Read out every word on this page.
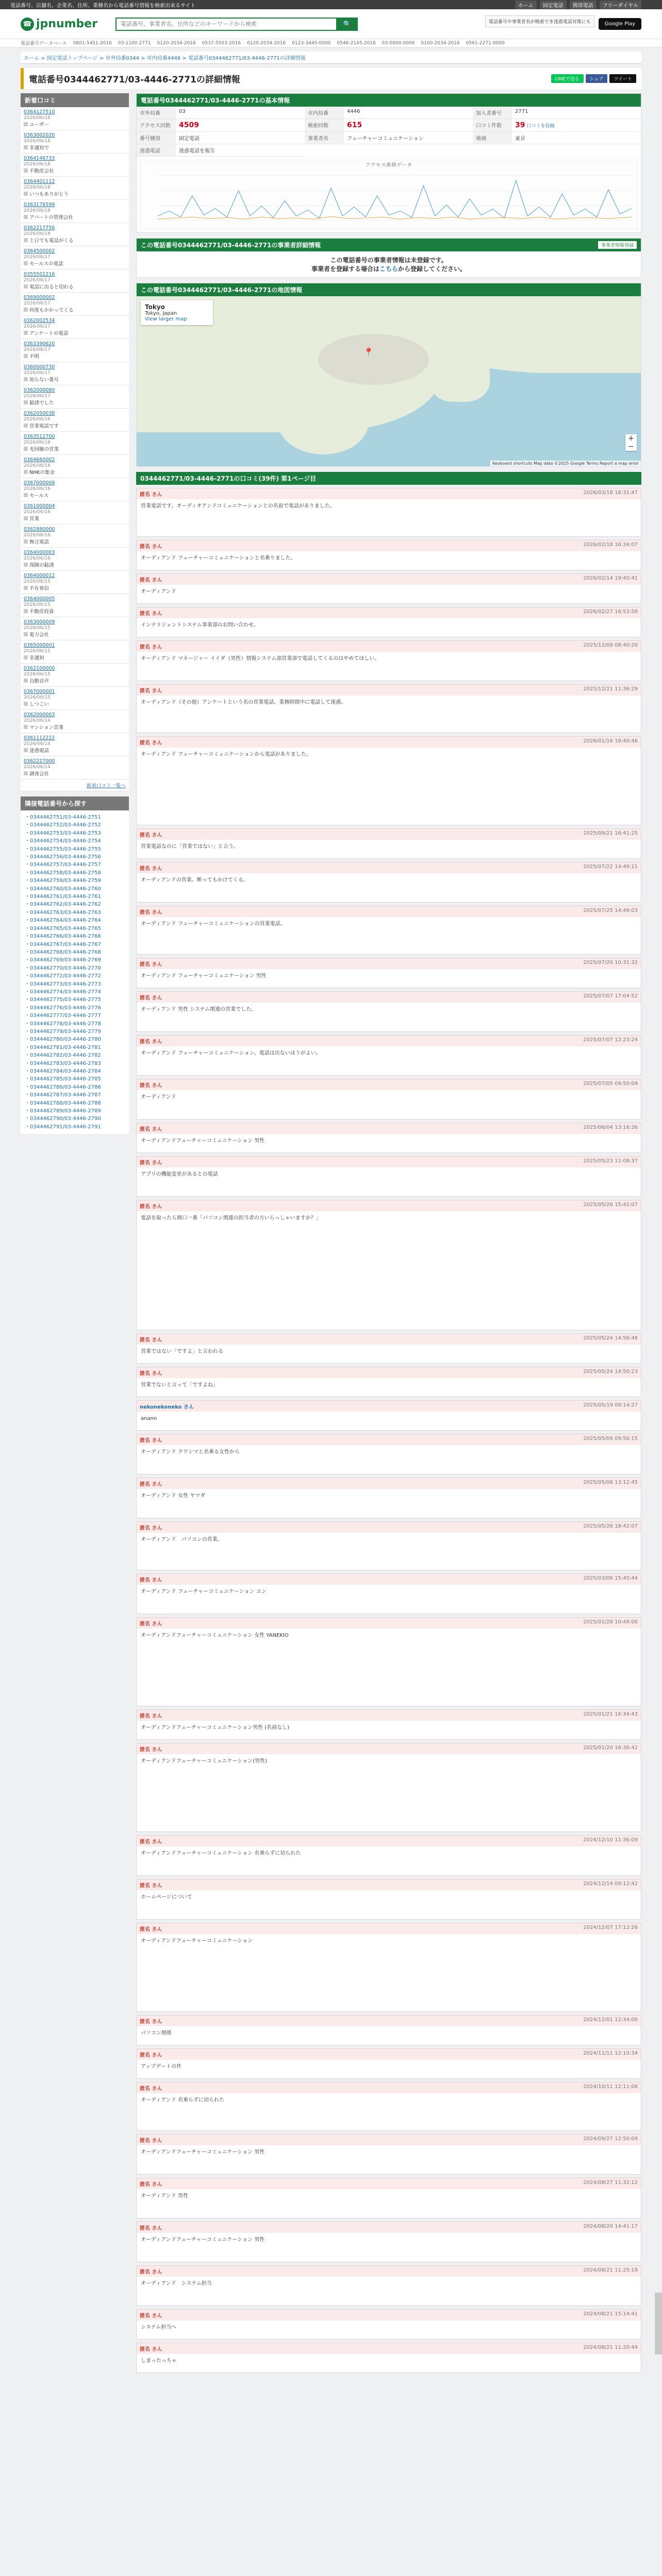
電話番号、店舗名、企業名、住所、業種名から電話番号情報を検索出来るサイト	ホーム	固定電話	携帯電話	フリーダイヤル
☎ jpnumber
電話番号、事業者名、住所などのキーワードから検索	🔍	電話番号や事業者名が検索でき迷惑電話対策にも	Google Play
電話番号データベース 0801-5451-2016 03-1100-2771 0120-2034-2016 0537-5503-2016 0120-2034-2016 0123-3445-0000 0546-2145-2016 03-0000-0000 0100-2034-2016 0561-2271-0000
ホーム > 固定電話トップページ > 市外局番0344 > 市内局番4446 > 電話番号0344462771/03-4446-2771の詳細情報
電話番号0344462771/03-4446-2771の詳細情報	LINEで送る	シェア	ツイート
新着口コミ
0364127510
2026/06/18
ユーザー
0363002020
2026/06/18
非通知で
0364146733
2026/06/18
不動産会社
0364401112
2026/06/18
いつもありがとう
0363176599
2026/06/18
アパートの管理会社
0362217756
2026/06/18
土日でも電話がくる
0364500002
2026/06/17
セールスの電話
0355501216
2026/06/17
電話に出ると切れる
0369000002
2026/06/17
何度もかかってくる
0362002534
2026/06/17
アンケートの電話
0363390620
2026/06/17
不明
0360000730
2026/06/17
知らない番号
0362000080
2026/06/17
勧誘でした
0362050038
2026/06/16
営業電話です
0363512700
2026/06/16
光回線の営業
0364660002
2026/06/16
NHKの集金
0367000009
2026/06/16
セールス
0361000004
2026/06/16
営業
0362880000
2026/06/16
無言電話
0364000003
2026/06/16
保険の勧誘
0364000012
2026/06/15
不在着信
0364000005
2026/06/15
不動産投資
0363000009
2026/06/15
電力会社
0365000001
2026/06/15
非通知
0362100000
2026/06/15
自動音声
0367000001
2026/06/15
しつこい
0362000003
2026/06/14
マンション営業
0361112222
2026/06/14
迷惑電話
0362227000
2026/06/14
調査会社
新着口コミ一覧へ
隣接電話番号から探す
・ 0344462751/03-4446-2751
・ 0344462752/03-4446-2752
・ 0344462753/03-4446-2753
・ 0344462754/03-4446-2754
・ 0344462755/03-4446-2755
・ 0344462756/03-4446-2756
・ 0344462757/03-4446-2757
・ 0344462758/03-4446-2758
・ 0344462759/03-4446-2759
・ 0344462760/03-4446-2760
・ 0344462761/03-4446-2761
・ 0344462762/03-4446-2762
・ 0344462763/03-4446-2763
・ 0344462764/03-4446-2764
・ 0344462765/03-4446-2765
・ 0344462766/03-4446-2766
・ 0344462767/03-4446-2767
・ 0344462768/03-4446-2768
・ 0344462769/03-4446-2769
・ 0344462770/03-4446-2770
・ 0344462772/03-4446-2772
・ 0344462773/03-4446-2773
・ 0344462774/03-4446-2774
・ 0344462775/03-4446-2775
・ 0344462776/03-4446-2776
・ 0344462777/03-4446-2777
・ 0344462778/03-4446-2778
・ 0344462779/03-4446-2779
・ 0344462780/03-4446-2780
・ 0344462781/03-4446-2781
・ 0344462782/03-4446-2782
・ 0344462783/03-4446-2783
・ 0344462784/03-4446-2784
・ 0344462785/03-4446-2785
・ 0344462786/03-4446-2786
・ 0344462787/03-4446-2787
・ 0344462788/03-4446-2788
・ 0344462789/03-4446-2789
・ 0344462790/03-4446-2790
・ 0344462791/03-4446-2791
電話番号0344462771/03-4446-2771の基本情報
市外局番	03	市内局番	4446	加入者番号	2771
アクセス回数	4509	検索回数	615	口コミ件数	39 口コミを投稿
番号種別	固定電話	事業者名	フューチャーコミュニケーション	地域	東京
迷惑電話	迷惑電話を報告
アクセス推移データ
この電話番号0344462771/03-4446-2771の事業者詳細情報	事業者情報登録
この電話番号の事業者情報は未登録です。
事業者を登録する場合はこちらから登録してください。
この電話番号0344462771/03-4446-2771の地図情報
📍
Tokyo
Tokyo, Japan
View larger map
+
−
Keyboard shortcuts Map data ©2025 Google Terms Report a map error
0344462771/03-4446-2771の口コミ(39件) 第1ページ目
匿名 さん	2026/03/18 16:31:47
営業電話です。オーディオアンドコミュニケーションとの名前で電話がありました。
匿名 さん	2026/02/18 16:34:07
オーディアンド フューチャーコミュニケーションと名乗りました。
匿名 さん	2026/02/14 19:40:41
オーディアンド
匿名 さん	2026/02/27 16:53:56
インテリジェントシステム事業部のお問い合わせ。
匿名 さん	2025/12/09 08:40:20
オーディアンド マネージャー イイダ（男性）情報システム部営業部で電話してくるのはやめてほしい。
匿名 さん	2025/12/21 11:36:29
オーディアンド（その他）アンケートという名の営業電話。業務時間中に電話して迷惑。
匿名 さん	2026/01/16 18:40:46
オーディアンド フューチャーコミュニケーションから電話がありました。
匿名 さん	2025/09/21 16:41:25
営業電話なのに「営業ではない」と言う。
匿名 さん	2025/07/22 14:49:11
オーディアンドの営業。断ってもかけてくる。
匿名 さん	2025/07/25 14:49:03
オーディアンド フューチャーコミュニケーションの営業電話。
匿名 さん	2025/07/20 10:31:32
オーディアンド フューチャーコミュニケーション 男性
匿名 さん	2025/07/07 17:04:52
オーディアンド 男性 システム関連の営業でした。
匿名 さん	2025/07/07 12:23:24
オーディアンド フューチャーコミュニケーション。電話は出ないほうがよい。
匿名 さん	2025/07/05 09:50:04
オーディアンド
匿名 さん	2025/06/04 13:16:36
オーディアンドフューチャーコミュニケーション 男性
匿名 さん	2025/05/23 11:08:37
アプリの機能変更があるとの電話
匿名 さん	2025/05/26 15:42:07
電話を取ったら開口一番「パソコン関連の担当者の方いらっしゃいますか？」
匿名 さん	2025/05/24 14:56:48
営業ではない「ですよ」と言われる
匿名 さん	2025/05/24 14:50:23
営業でないと言って「ですよね」
nekonekoneko さん	2025/05/19 09:14:27
anann
匿名 さん	2025/05/09 09:56:15
オーディアンド クワシマと名乗る女性から
匿名 さん	2025/05/08 13:12:45
オーディアンド 女性 ヤマダ
匿名 さん	2025/05/26 18:42:07
オーディアンド　パソコンの営業。
匿名 さん	2025/03/06 15:45:44
オーディアンド フューチャーコミュニケーション ユン
匿名 さん	2025/01/28 10:49:06
オーディアンドフューチャーコミュニケーション 女性 YANEKIO
匿名 さん	2025/01/21 16:34:43
オーディアンドフューチャーコミュニケーション男性 (名前なし)
匿名 さん	2025/01/20 16:36:42
オーディアンドフューチャーコミュニケーション(男性)
匿名 さん	2024/12/10 11:36:09
オーディアンドフューチャーコミュニケーション 名乗らずに切られた
匿名 さん	2024/12/14 09:12:42
ホームページについて
匿名 さん	2024/12/07 17:12:26
オーディアンドフューチャーコミュニケーション
匿名 さん	2024/12/01 12:34:00
パソコン関係
匿名 さん	2024/11/11 12:10:34
アップデートの件
匿名 さん	2024/10/11 12:11:06
オーディアンド 名乗らずに切られた
匿名 さん	2024/09/27 12:50:09
オーディアンドフューチャーコミュニケーション 男性
匿名 さん	2024/08/27 11:32:12
オーディアンド 男性
匿名 さん	2024/08/20 14:41:17
オーディアンドフューチャーコミュニケーション 男性
匿名 さん	2024/08/21 11:25:18
オーディアンド　システム担当
匿名 さん	2024/08/21 15:14:41
システム担当へ
匿名 さん	2024/08/21 11:20:44
しまったっちゃ
